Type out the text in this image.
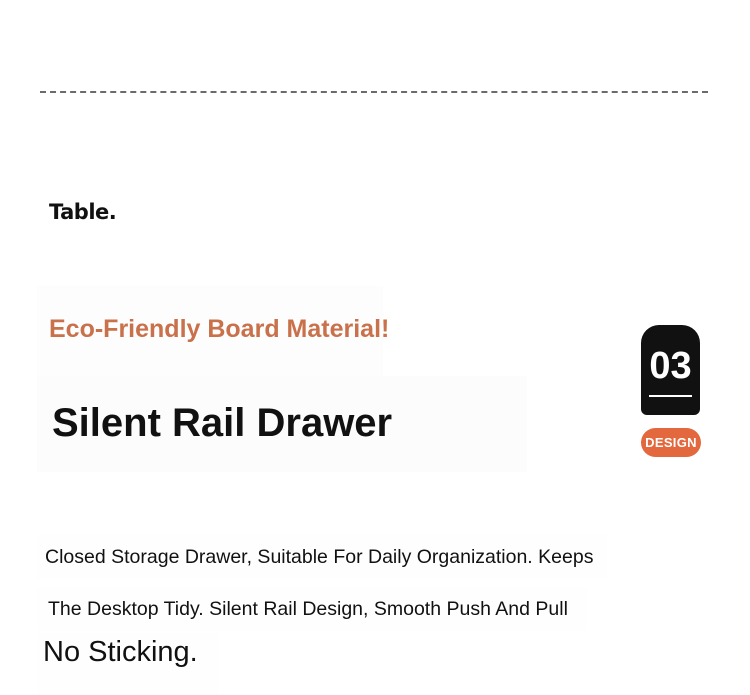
Table.
Eco-Friendly Board Material!
Silent Rail Drawer
03
DESIGN
Closed Storage Drawer, Suitable For Daily Organization. Keeps
The Desktop Tidy. Silent Rail Design, Smooth Push And Pull
No Sticking.
